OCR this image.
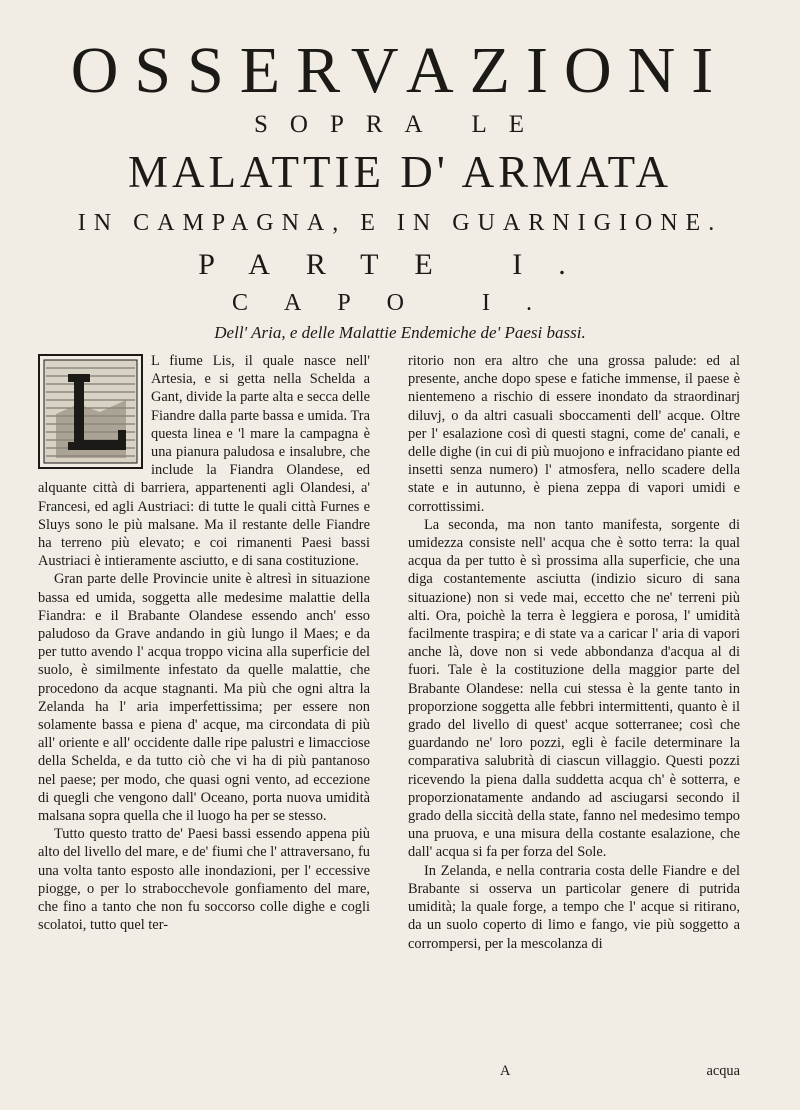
OSSERVAZIONI
SOPRA LE
MALATTIE D' ARMATA
IN CAMPAGNA, E IN GUARNIGIONE.
PARTE I.
CAPO I.
Dell' Aria, e delle Malattie Endemiche de' Paesi bassi.

L fiume Lis, il quale nasce nell' Artesia, e si getta nella Schelda a Gant, divide la parte alta e secca delle Fiandre dalla parte bassa e umida. Tra questa linea e 'l mare la campagna è una pianura paludosa e insalubre, che include la Fiandra Olandese, ed alquante città di barriera, appartenenti agli Olandesi, a' Francesi, ed agli Austriaci: di tutte le quali città Furnes e Sluys sono le più malsane. Ma il restante delle Fiandre ha terreno più elevato; e coi rimanenti Paesi bassi Austriaci è intieramente asciutto, e di sana costituzione.

Gran parte delle Provincie unite è altresì in situazione bassa ed umida, soggetta alle medesime malattie della Fiandra: e il Brabante Olandese essendo anch' esso paludoso da Grave andando in giù lungo il Maes; e da per tutto avendo l' acqua troppo vicina alla superficie del suolo, è similmente infestato da quelle malattie, che procedono da acque stagnanti. Ma più che ogni altra la Zelanda ha l' aria imperfettissima; per essere non solamente bassa e piena d' acque, ma circondata di più all' oriente e all' occidente dalle ripe palustri e limacciose della Schelda, e da tutto ciò che vi ha di più pantanoso nel paese; per modo, che quasi ogni vento, ad eccezione di quegli che vengono dall' Oceano, porta nuova umidità malsana sopra quella che il luogo ha per se stesso.

Tutto questo tratto de' Paesi bassi essendo appena più alto del livello del mare, e de' fiumi che l' attraversano, fu una volta tanto esposto alle inondazioni, per l' eccessive piogge, o per lo strabocchevole gonfiamento del mare, che fino a tanto che non fu soccorso colle dighe e cogli scolatoi, tutto quel ter-

ritorio non era altro che una grossa palude: ed al presente, anche dopo spese e fatiche immense, il paese è nientemeno a rischio di essere inondato da straordinarj diluvj, o da altri casuali sboccamenti dell' acque. Oltre per l' esalazione così di questi stagni, come de' canali, e delle dighe (in cui di più muojono e infracidano piante ed insetti senza numero) l' atmosfera, nello scadere della state e in autunno, è piena zeppa di vapori umidi e corrottissimi.

La seconda, ma non tanto manifesta, sorgente di umidezza consiste nell' acqua che è sotto terra: la qual acqua da per tutto è sì prossima alla superficie, che una diga costantemente asciutta (indizio sicuro di sana situazione) non si vede mai, eccetto che ne' terreni più alti. Ora, poichè la terra è leggiera e porosa, l' umidità facilmente traspira; e di state va a caricar l' aria di vapori anche là, dove non si vede abbondanza d'acqua al di fuori. Tale è la costituzione della maggior parte del Brabante Olandese: nella cui stessa è la gente tanto in proporzione soggetta alle febbri intermittenti, quanto è il grado del livello di quest' acque sotterranee; così che guardando ne' loro pozzi, egli è facile determinare la comparativa salubrità di ciascun villaggio. Questi pozzi ricevendo la piena dalla suddetta acqua ch' è sotterra, e proporzionatamente andando ad asciugarsi secondo il grado della siccità della state, fanno nel medesimo tempo una pruova, e una misura della costante esalazione, che dall' acqua si fa per forza del Sole.

In Zelanda, e nella contraria costa delle Fiandre e del Brabante si osserva un particolar genere di putrida umidità; la quale forge, a tempo che l' acque si ritirano, da un suolo coperto di limo e fango, vie più soggetto a corrompersi, per la mescolanza di

A	acqua
